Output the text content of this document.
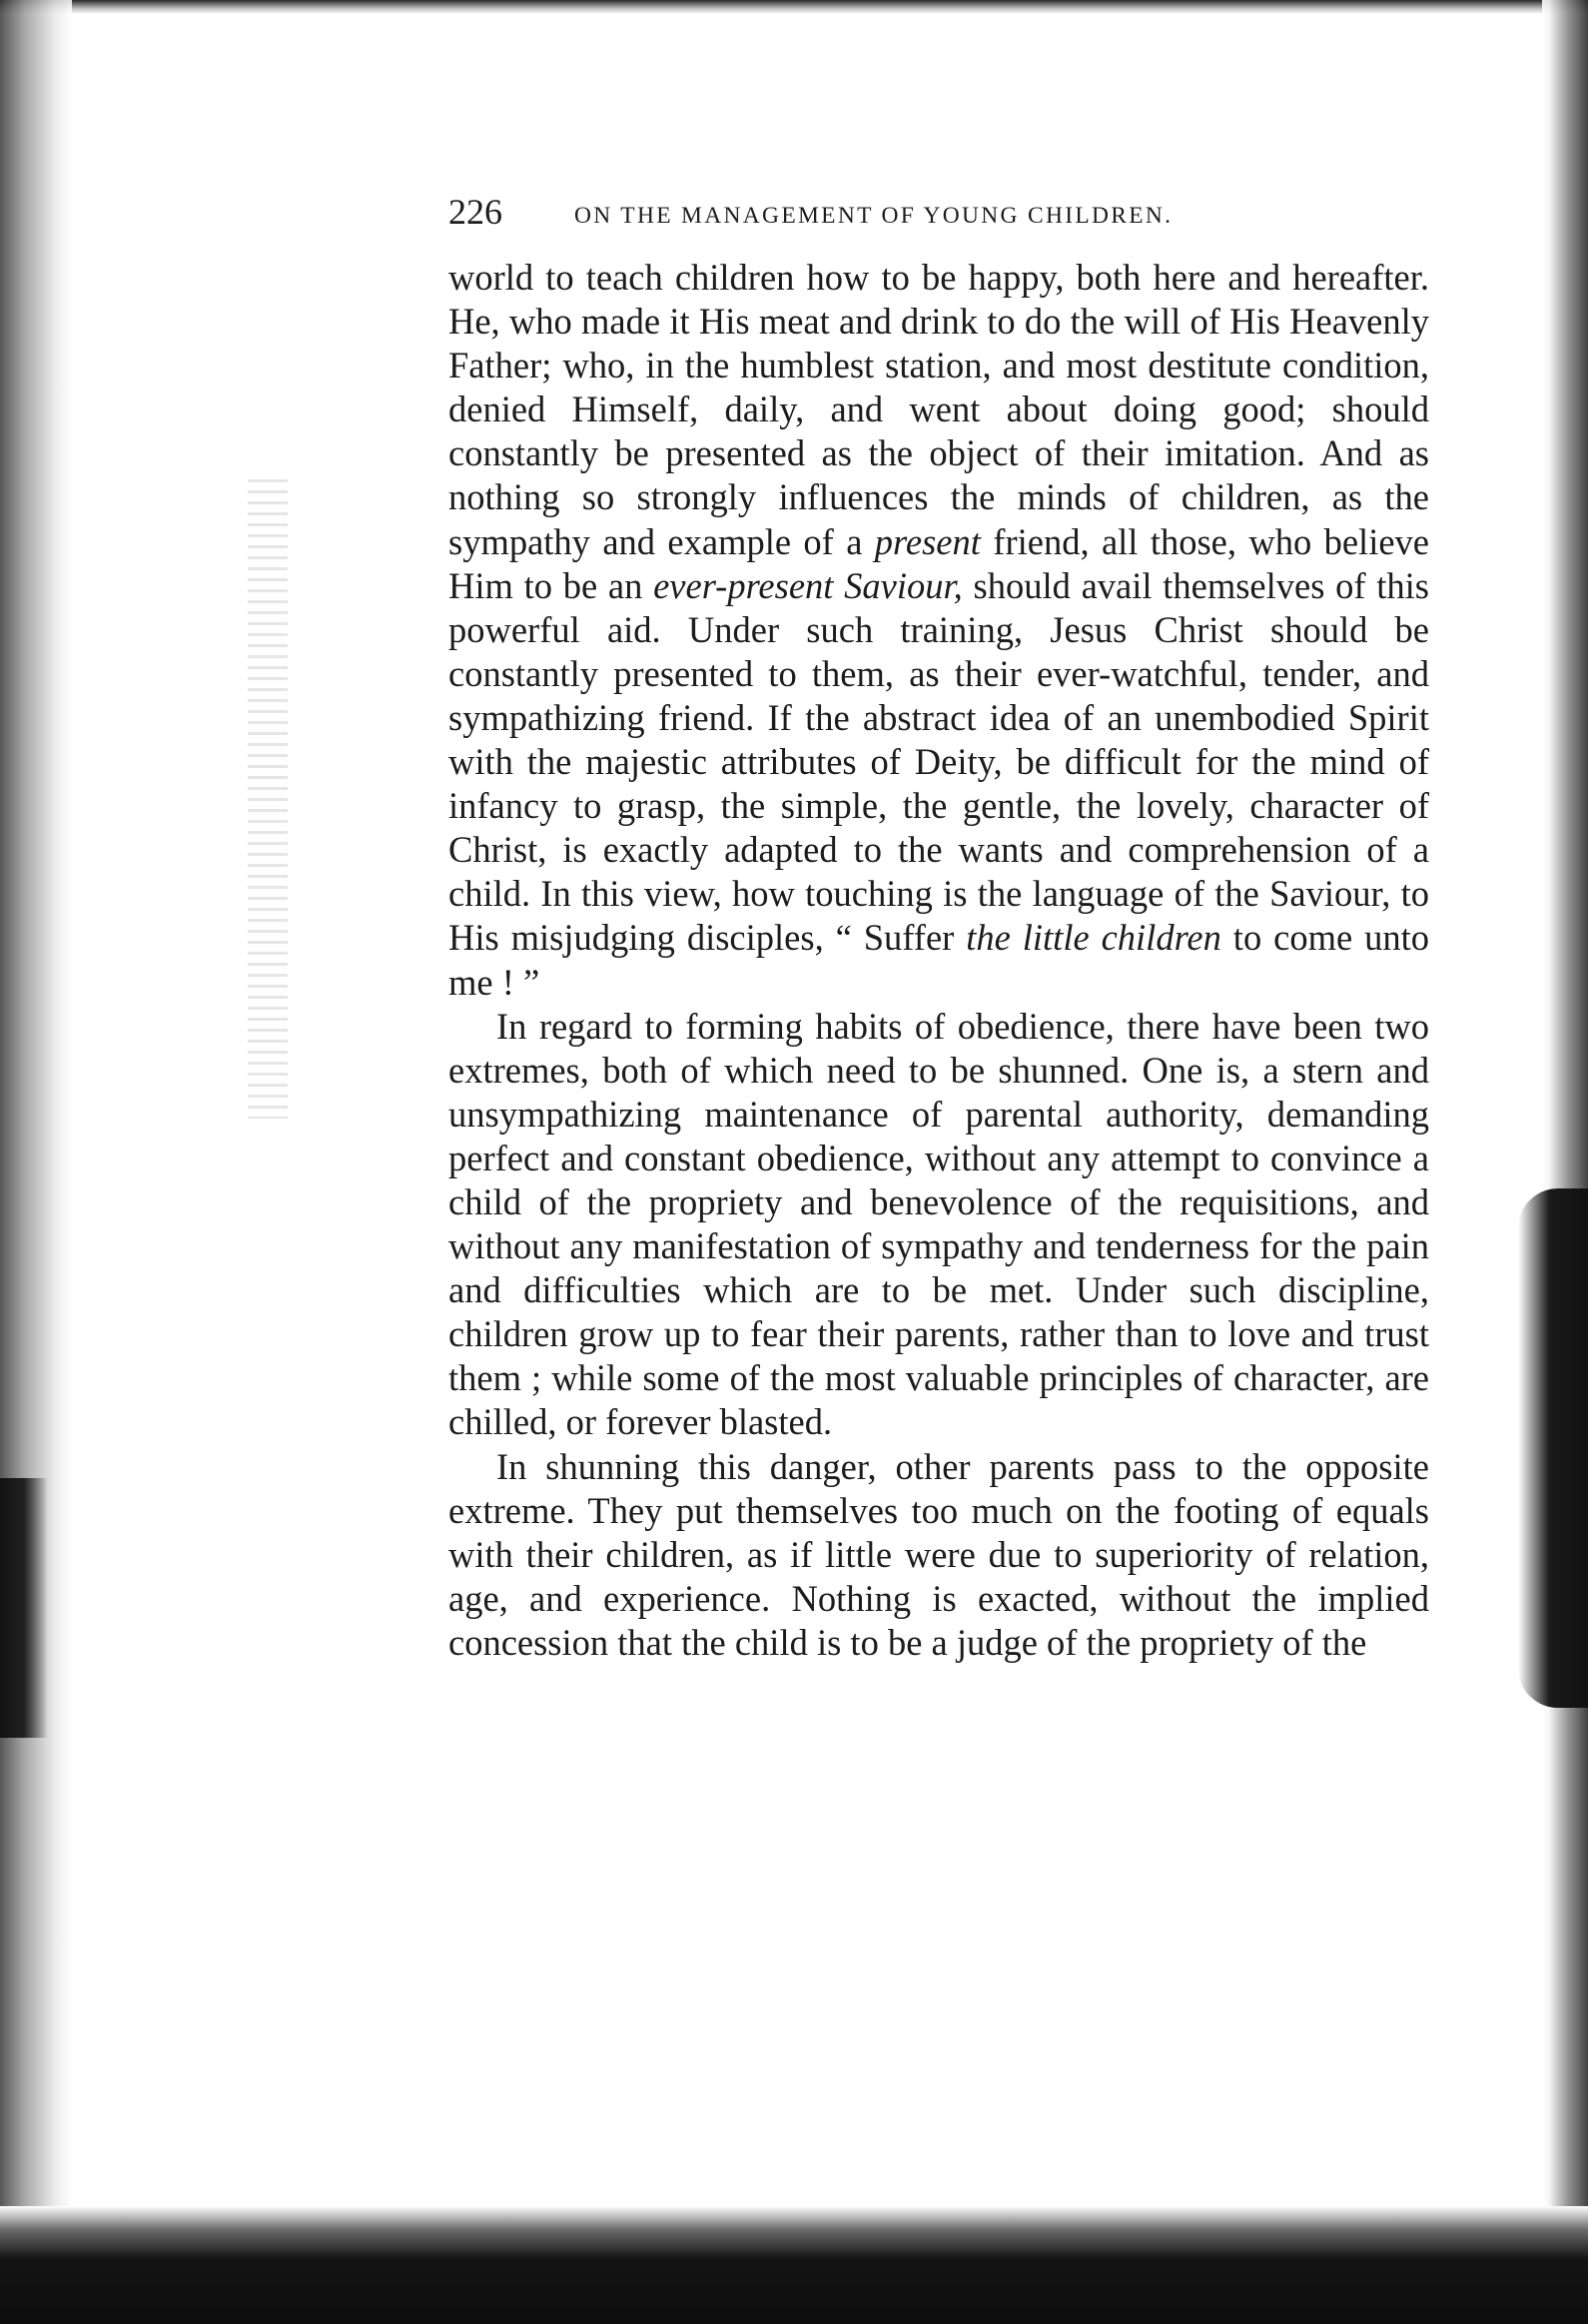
226	ON THE MANAGEMENT OF YOUNG CHILDREN.

world to teach children how to be happy, both here and hereafter. He, who made it His meat and drink to do the will of His Heavenly Father; who, in the humblest station, and most destitute condition, denied Himself, daily, and went about doing good; should constantly be presented as the object of their imitation. And as nothing so strongly influences the minds of children, as the sympathy and example of a present friend, all those, who believe Him to be an ever-present Saviour, should avail themselves of this powerful aid. Under such training, Jesus Christ should be constantly presented to them, as their ever-watchful, tender, and sympathizing friend. If the abstract idea of an unembodied Spirit with the majestic attributes of Deity, be difficult for the mind of infancy to grasp, the simple, the gentle, the lovely, character of Christ, is exactly adapted to the wants and comprehension of a child. In this view, how touching is the language of the Saviour, to His misjudging disciples, “ Suffer the little children to come unto me ! ”

In regard to forming habits of obedience, there have been two extremes, both of which need to be shunned. One is, a stern and unsympathizing maintenance of parental authority, demanding perfect and constant obedience, without any attempt to convince a child of the propriety and benevolence of the requisitions, and without any manifestation of sympathy and tenderness for the pain and difficulties which are to be met. Under such discipline, children grow up to fear their parents, rather than to love and trust them ; while some of the most valuable principles of character, are chilled, or forever blasted.

In shunning this danger, other parents pass to the opposite extreme. They put themselves too much on the footing of equals with their children, as if little were due to superiority of relation, age, and experience. Nothing is exacted, without the implied concession that the child is to be a judge of the propriety of the
